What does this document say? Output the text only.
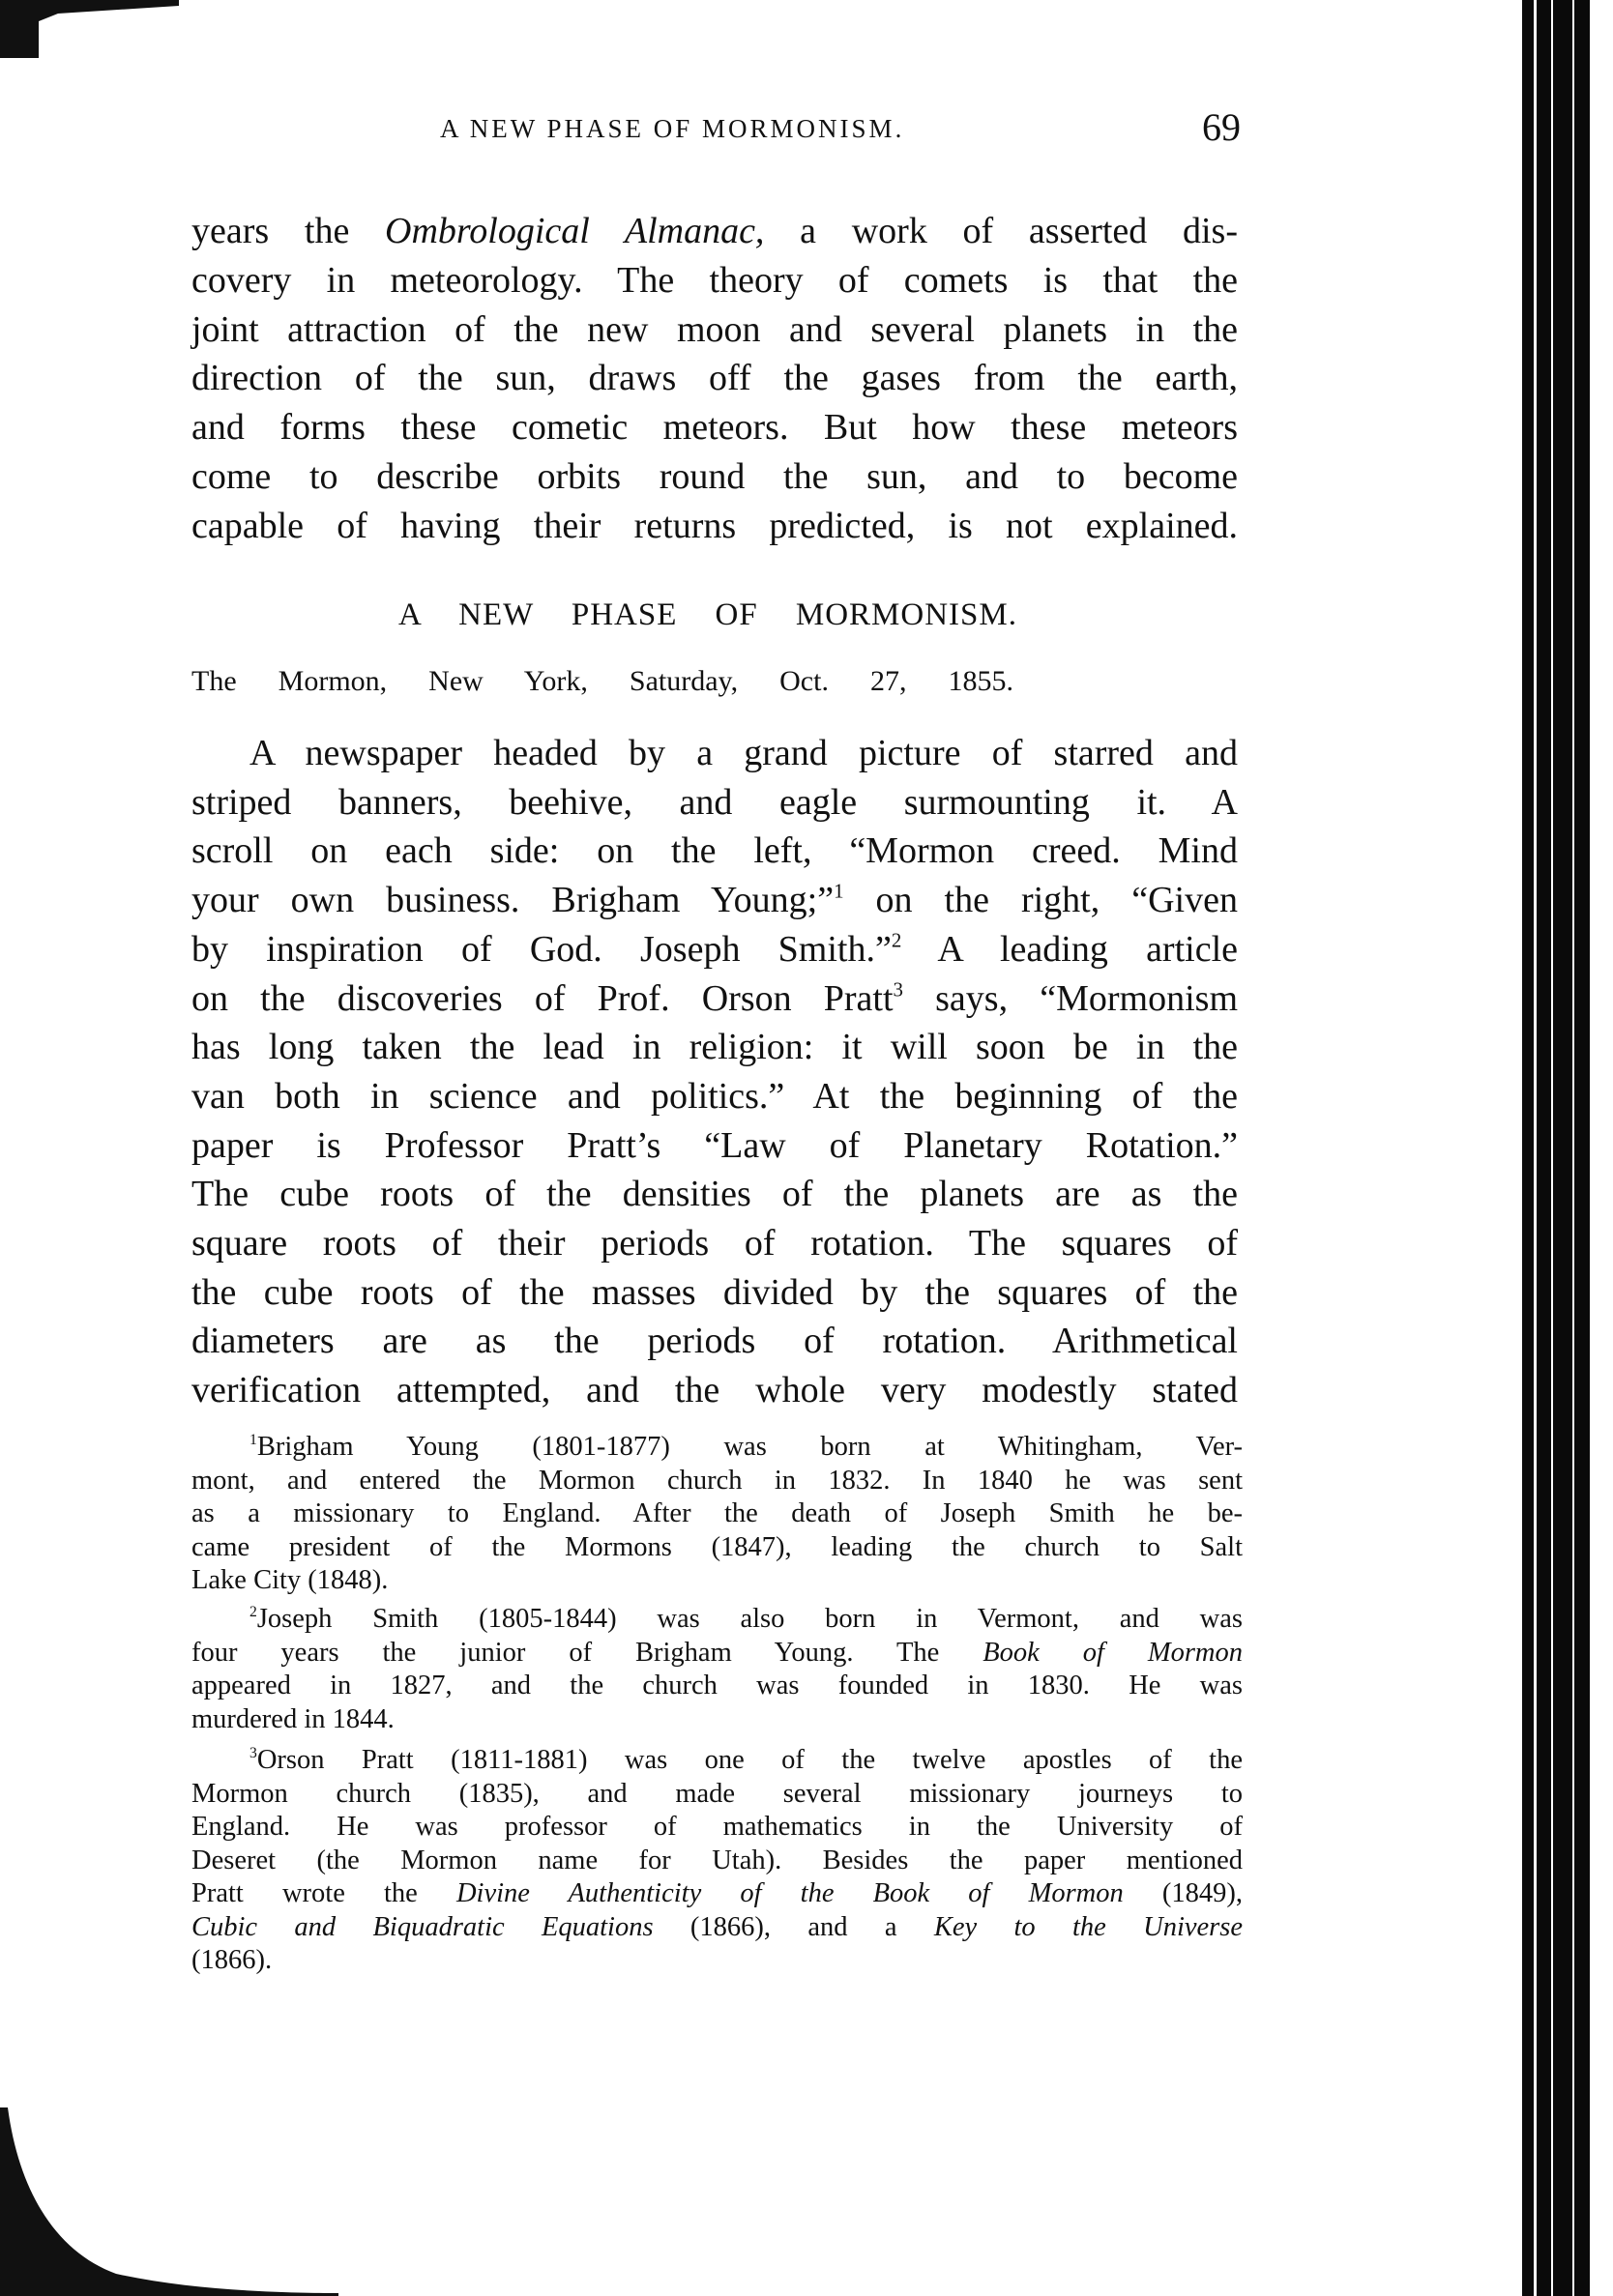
A NEW PHASE OF MORMONISM.	69
years the Ombrological Almanac, a work of asserted dis-
covery in meteorology. The theory of comets is that the
joint attraction of the new moon and several planets in the
direction of the sun, draws off the gases from the earth,
and forms these cometic meteors. But how these meteors
come to describe orbits round the sun, and to become
capable of having their returns predicted, is not explained.
A NEW PHASE OF MORMONISM.
The Mormon, New York, Saturday, Oct. 27, 1855.
A newspaper headed by a grand picture of starred and
striped banners, beehive, and eagle surmounting it. A
scroll on each side: on the left, “Mormon creed. Mind
your own business. Brigham Young;”$^1$ on the right, “Given
by inspiration of God. Joseph Smith.”$^2$ A leading article
on the discoveries of Prof. Orson Pratt$^3$ says, “Mormonism
has long taken the lead in religion: it will soon be in the
van both in science and politics.” At the beginning of the
paper is Professor Pratt’s “Law of Planetary Rotation.”
The cube roots of the densities of the planets are as the
square roots of their periods of rotation. The squares of
the cube roots of the masses divided by the squares of the
diameters are as the periods of rotation. Arithmetical
verification attempted, and the whole very modestly stated
$^1$Brigham Young (1801-1877) was born at Whitingham, Ver-
mont, and entered the Mormon church in 1832. In 1840 he was sent
as a missionary to England. After the death of Joseph Smith he be-
came president of the Mormons (1847), leading the church to Salt
Lake City (1848).
$^2$Joseph Smith (1805-1844) was also born in Vermont, and was
four years the junior of Brigham Young. The Book of Mormon
appeared in 1827, and the church was founded in 1830. He was
murdered in 1844.
$^3$Orson Pratt (1811-1881) was one of the twelve apostles of the
Mormon church (1835), and made several missionary journeys to
England. He was professor of mathematics in the University of
Deseret (the Mormon name for Utah). Besides the paper mentioned
Pratt wrote the Divine Authenticity of the Book of Mormon (1849),
Cubic and Biquadratic Equations (1866), and a Key to the Universe
(1866).
